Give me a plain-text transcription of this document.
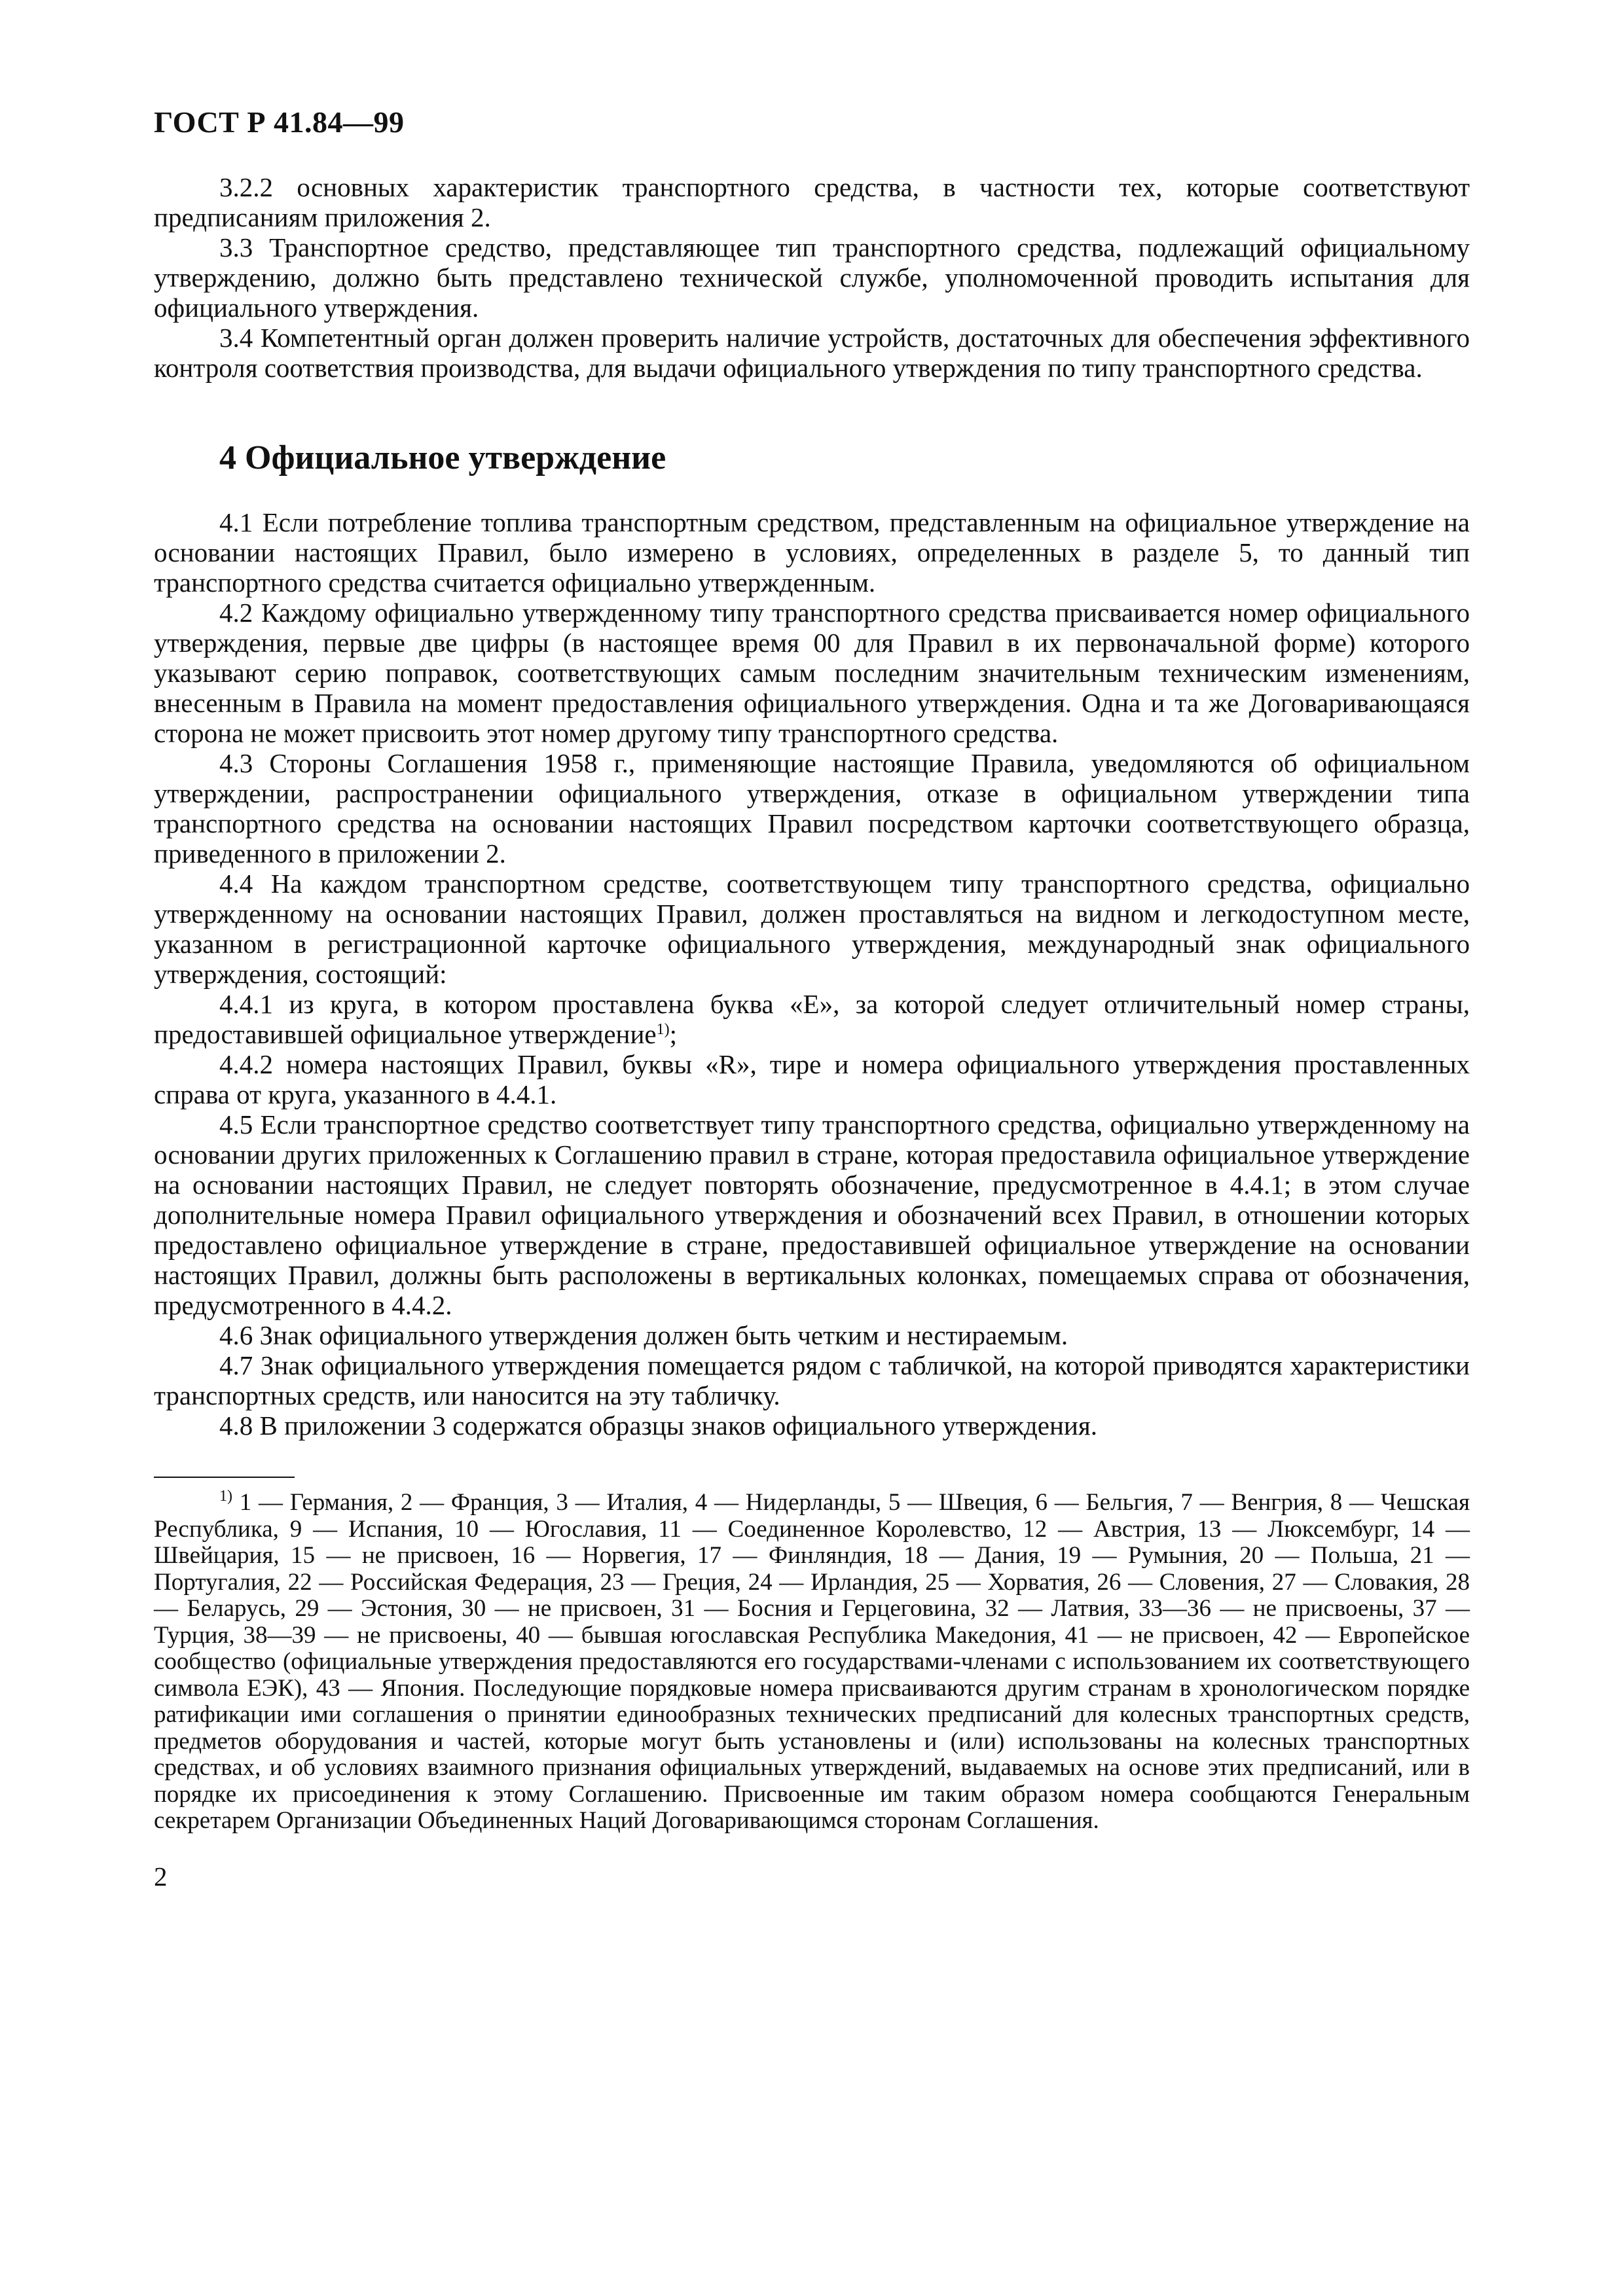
ГОСТ Р 41.84—99

3.2.2 основных характеристик транспортного средства, в частности тех, которые соответствуют предписаниям приложения 2.

3.3 Транспортное средство, представляющее тип транспортного средства, подлежащий официальному утверждению, должно быть представлено технической службе, уполномоченной проводить испытания для официального утверждения.

3.4 Компетентный орган должен проверить наличие устройств, достаточных для обеспечения эффективного контроля соответствия производства, для выдачи официального утверждения по типу транспортного средства.

4 Официальное утверждение

4.1 Если потребление топлива транспортным средством, представленным на официальное утверждение на основании настоящих Правил, было измерено в условиях, определенных в разделе 5, то данный тип транспортного средства считается официально утвержденным.

4.2 Каждому официально утвержденному типу транспортного средства присваивается номер официального утверждения, первые две цифры (в настоящее время 00 для Правил в их первоначальной форме) которого указывают серию поправок, соответствующих самым последним значительным техническим изменениям, внесенным в Правила на момент предоставления официального утверждения. Одна и та же Договаривающаяся сторона не может присвоить этот номер другому типу транспортного средства.

4.3 Стороны Соглашения 1958 г., применяющие настоящие Правила, уведомляются об официальном утверждении, распространении официального утверждения, отказе в официальном утверждении типа транспортного средства на основании настоящих Правил посредством карточки соответствующего образца, приведенного в приложении 2.

4.4 На каждом транспортном средстве, соответствующем типу транспортного средства, официально утвержденному на основании настоящих Правил, должен проставляться на видном и легкодоступном месте, указанном в регистрационной карточке официального утверждения, международный знак официального утверждения, состоящий:

4.4.1 из круга, в котором проставлена буква «E», за которой следует отличительный номер страны, предоставившей официальное утверждение$^{1)}$;

4.4.2 номера настоящих Правил, буквы «R», тире и номера официального утверждения проставленных справа от круга, указанного в 4.4.1.

4.5 Если транспортное средство соответствует типу транспортного средства, официально утвержденному на основании других приложенных к Соглашению правил в стране, которая предоставила официальное утверждение на основании настоящих Правил, не следует повторять обозначение, предусмотренное в 4.4.1; в этом случае дополнительные номера Правил официального утверждения и обозначений всех Правил, в отношении которых предоставлено официальное утверждение в стране, предоставившей официальное утверждение на основании настоящих Правил, должны быть расположены в вертикальных колонках, помещаемых справа от обозначения, предусмотренного в 4.4.2.

4.6 Знак официального утверждения должен быть четким и нестираемым.

4.7 Знак официального утверждения помещается рядом с табличкой, на которой приводятся характеристики транспортных средств, или наносится на эту табличку.

4.8 В приложении 3 содержатся образцы знаков официального утверждения.

$^{1)}$ 1 — Германия, 2 — Франция, 3 — Италия, 4 — Нидерланды, 5 — Швеция, 6 — Бельгия, 7 — Венгрия, 8 — Чешская Республика, 9 — Испания, 10 — Югославия, 11 — Соединенное Королевство, 12 — Австрия, 13 — Люксембург, 14 — Швейцария, 15 — не присвоен, 16 — Норвегия, 17 — Финляндия, 18 — Дания, 19 — Румыния, 20 — Польша, 21 — Португалия, 22 — Российская Федерация, 23 — Греция, 24 — Ирландия, 25 — Хорватия, 26 — Словения, 27 — Словакия, 28 — Беларусь, 29 — Эстония, 30 — не присвоен, 31 — Босния и Герцеговина, 32 — Латвия, 33—36 — не присвоены, 37 — Турция, 38—39 — не присвоены, 40 — бывшая югославская Республика Македония, 41 — не присвоен, 42 — Европейское сообщество (официальные утверждения предоставляются его государствами-членами с использованием их соответствующего символа ЕЭК), 43 — Япония. Последующие порядковые номера присваиваются другим странам в хронологическом порядке ратификации ими соглашения о принятии единообразных технических предписаний для колесных транспортных средств, предметов оборудования и частей, которые могут быть установлены и (или) использованы на колесных транспортных средствах, и об условиях взаимного признания официальных утверждений, выдаваемых на основе этих предписаний, или в порядке их присоединения к этому Соглашению. Присвоенные им таким образом номера сообщаются Генеральным секретарем Организации Объединенных Наций Договаривающимся сторонам Соглашения.

2
